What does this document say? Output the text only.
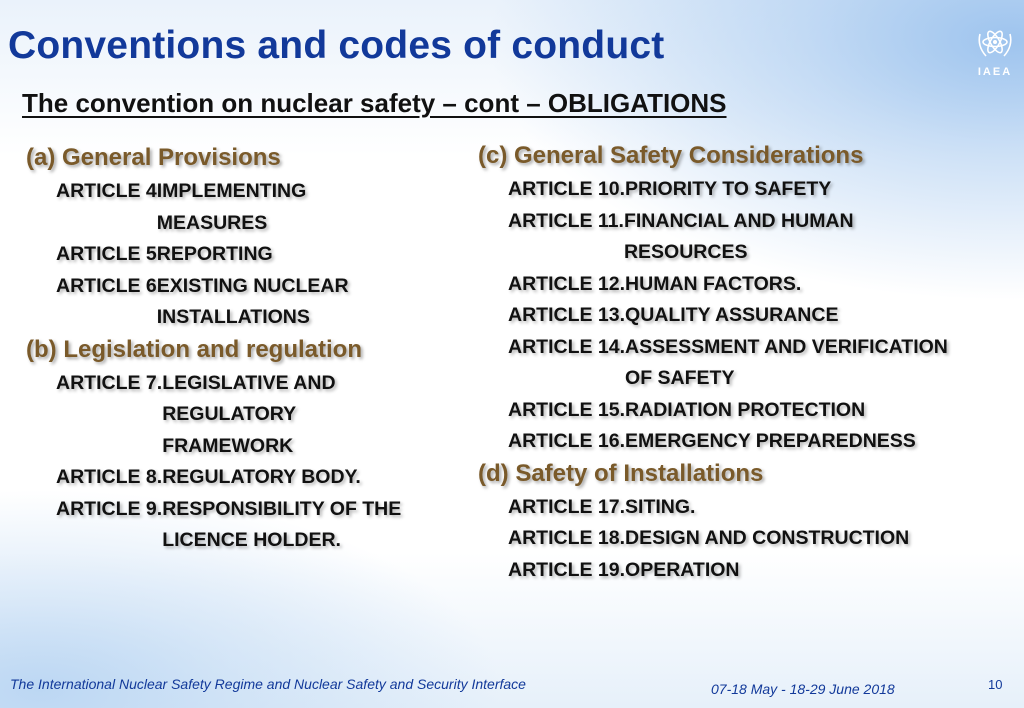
Conventions and codes of conduct
The convention on nuclear safety – cont – OBLIGATIONS
IAEA
(a) General Provisions
ARTICLE 4 IMPLEMENTING
MEASURES
ARTICLE 5 REPORTING
ARTICLE 6 EXISTING NUCLEAR
INSTALLATIONS
(b) Legislation and regulation
ARTICLE 7. LEGISLATIVE AND
REGULATORY
FRAMEWORK
ARTICLE 8. REGULATORY BODY.
ARTICLE 9. RESPONSIBILITY OF THE
LICENCE HOLDER.
(c) General Safety Considerations
ARTICLE 10. PRIORITY TO SAFETY
ARTICLE 11. FINANCIAL AND HUMAN
RESOURCES
ARTICLE 12. HUMAN FACTORS.
ARTICLE 13. QUALITY ASSURANCE
ARTICLE 14. ASSESSMENT AND VERIFICATION
OF SAFETY
ARTICLE 15. RADIATION PROTECTION
ARTICLE 16. EMERGENCY PREPAREDNESS
(d) Safety of Installations
ARTICLE 17. SITING.
ARTICLE 18. DESIGN AND CONSTRUCTION
ARTICLE 19. OPERATION
The International Nuclear Safety Regime and Nuclear Safety and Security Interface	07-18 May - 18-29 June 2018	10
